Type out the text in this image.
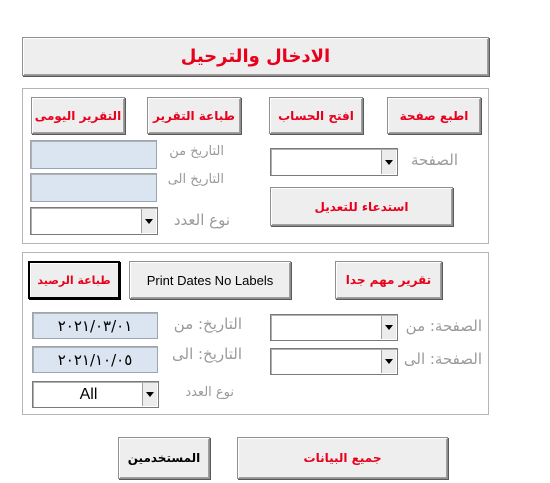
الادخال والترحيل
اطبع صفحة
افتح الحساب
طباعة التقرير
التقرير اليومى
التاريخ من
التاريخ الى
الصفحة
نوع العدد
استدعاء للتعديل
طباعة الرصيد	Print Dates No Labels	تقرير مهم جدا
٢٠٢١/٠٣/٠١
٢٠٢١/١٠/٠٥
التاريخ: من
التاريخ: الى
الصفحة: من
الصفحة: الى
All	نوع العدد
المستخدمين	جميع البيانات
